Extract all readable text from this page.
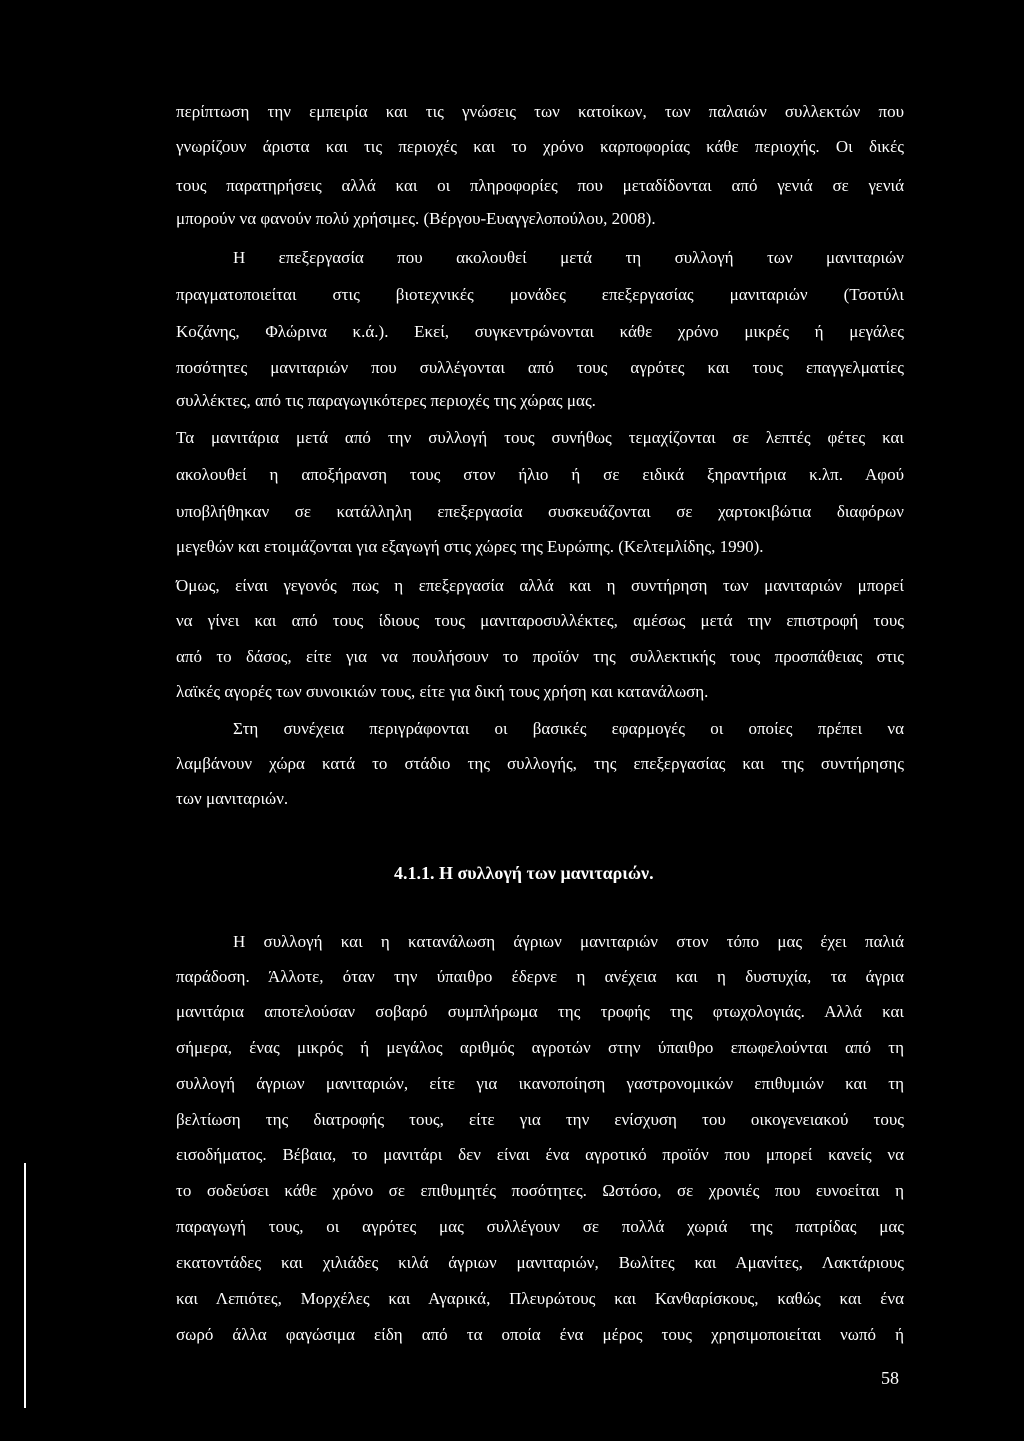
περίπτωση την εμπειρία και τις γνώσεις των κατοίκων, των παλαιών συλλεκτών που
γνωρίζουν άριστα και τις περιοχές και το χρόνο καρποφορίας κάθε περιοχής. Οι δικές
τους παρατηρήσεις αλλά και οι πληροφορίες που μεταδίδονται από γενιά σε γενιά
μπορούν να φανούν πολύ χρήσιμες. (Βέργου-Ευαγγελοπούλου, 2008).
Η επεξεργασία που ακολουθεί μετά τη συλλογή των μανιταριών
πραγματοποιείται στις βιοτεχνικές μονάδες επεξεργασίας μανιταριών (Τσοτύλι
Κοζάνης, Φλώρινα κ.ά.). Εκεί, συγκεντρώνονται κάθε χρόνο μικρές ή μεγάλες
ποσότητες μανιταριών που συλλέγονται από τους αγρότες και τους επαγγελματίες
συλλέκτες, από τις παραγωγικότερες περιοχές της χώρας μας.
Τα μανιτάρια μετά από την συλλογή τους συνήθως τεμαχίζονται σε λεπτές φέτες και
ακολουθεί η αποξήρανση τους στον ήλιο ή σε ειδικά ξηραντήρια κ.λπ. Αφού
υποβλήθηκαν σε κατάλληλη επεξεργασία συσκευάζονται σε χαρτοκιβώτια διαφόρων
μεγεθών και ετοιμάζονται για εξαγωγή στις χώρες της Ευρώπης. (Κελτεμλίδης, 1990).
Όμως, είναι γεγονός πως η επεξεργασία αλλά και η συντήρηση των μανιταριών μπορεί
να γίνει και από τους ίδιους τους μανιταροσυλλέκτες, αμέσως μετά την επιστροφή τους
από το δάσος, είτε για να πουλήσουν το προϊόν της συλλεκτικής τους προσπάθειας στις
λαϊκές αγορές των συνοικιών τους, είτε για δική τους χρήση και κατανάλωση.
Στη συνέχεια περιγράφονται οι βασικές εφαρμογές οι οποίες πρέπει να
λαμβάνουν χώρα κατά το στάδιο της συλλογής, της επεξεργασίας και της συντήρησης
των μανιταριών.
4.1.1. Η συλλογή των μανιταριών.
Η συλλογή και η κατανάλωση άγριων μανιταριών στον τόπο μας έχει παλιά
παράδοση. Άλλοτε, όταν την ύπαιθρο έδερνε η ανέχεια και η δυστυχία, τα άγρια
μανιτάρια αποτελούσαν σοβαρό συμπλήρωμα της τροφής της φτωχολογιάς. Αλλά και
σήμερα, ένας μικρός ή μεγάλος αριθμός αγροτών στην ύπαιθρο επωφελούνται από τη
συλλογή άγριων μανιταριών, είτε για ικανοποίηση γαστρονομικών επιθυμιών και τη
βελτίωση της διατροφής τους, είτε για την ενίσχυση του οικογενειακού τους
εισοδήματος. Βέβαια, το μανιτάρι δεν είναι ένα αγροτικό προϊόν που μπορεί κανείς να
το σοδεύσει κάθε χρόνο σε επιθυμητές ποσότητες. Ωστόσο, σε χρονιές που ευνοείται η
παραγωγή τους, οι αγρότες μας συλλέγουν σε πολλά χωριά της πατρίδας μας
εκατοντάδες και χιλιάδες κιλά άγριων μανιταριών, Βωλίτες και Αμανίτες, Λακτάριους
και Λεπιότες, Μορχέλες και Αγαρικά, Πλευρώτους και Κανθαρίσκους, καθώς και ένα
σωρό άλλα φαγώσιμα είδη από τα οποία ένα μέρος τους χρησιμοποιείται νωπό ή
58
